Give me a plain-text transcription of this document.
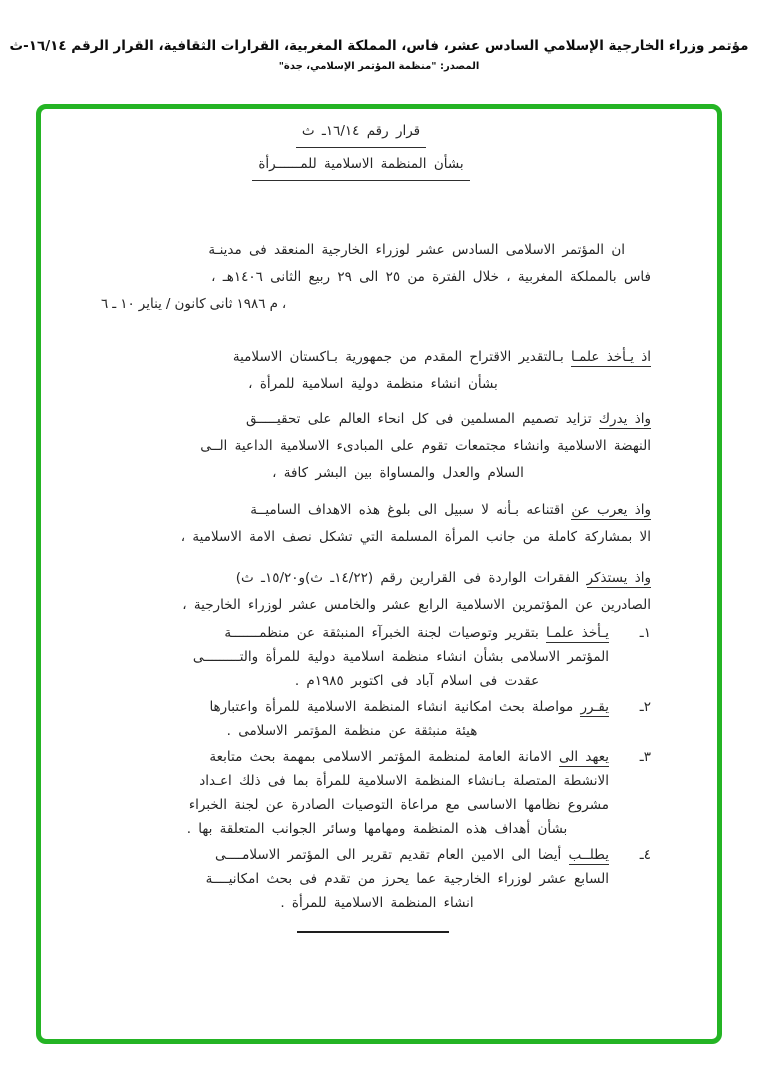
مؤتمر وزراء الخارجية الإسلامي السادس عشر، فاس، المملكة المغربية، القرارات الثقافية، القرار الرقم ١٦/١٤-ث
المصدر: "منظمة المؤتمر الإسلامي، جدة"
قرار رقم ١٦/١٤ـ ث
بشأن المنظمة الاسلامية للمــــــرأة
ان المؤتمر الاسلامى السادس عشر لوزراء الخارجية المنعقد فى مدينـة
فاس بالمملكة المغربية ، خلال الفترة من ٢٥ الى ٢٩ ربيع الثانى ١٤٠٦هـ ،
٦ ـ ١٠ يناير / كانون ثانى ١٩٨٦ م ،
اذ يـأخذ علمـا بـالتقدير الاقتراح المقدم من جمهورية بـاكستان الاسلامية
بشأن انشاء منظمة دولية اسلامية للمرأة ،
واذ يدرك تزايد تصميم المسلمين فى كل انحاء العالم على تحقيـــــق
النهضة الاسلامية وانشاء مجتمعات تقوم على المبادىء الاسلامية الداعية الــى
السلام والعدل والمساواة بين البشر كافة ،
واذ يعرب عن اقتناعه بـأنه لا سبيل الى بلوغ هذه الاهداف الساميــة
الا بمشاركة كاملة من جانب المرأة المسلمة التي تشكل نصف الامة الاسلامية ،
واذ يستذكر الفقرات الواردة فى القرارين رقم (١٤/٢٢ـ ث)و١٥/٢٠ـ ث)
الصادرين عن المؤتمرين الاسلامية الرابع عشر والخامس عشر لوزراء الخارجية ،
١ـ
يـأخذ علمـا بتقرير وتوصيات لجنة الخبرآء المنبثقة عن منظمـــــــة
المؤتمر الاسلامى بشأن انشاء منظمة اسلامية دولية للمرأة والتـــــــــى
عقدت فى اسلام آباد فى اكتوبر ١٩٨٥م .
٢ـ
يقـرر مواصلة بحث امكانية انشاء المنظمة الاسلامية للمرأة واعتبارها
هيئة منبثقة عن منظمة المؤتمر الاسلامى .
٣ـ
يعهد الى الامانة العامة لمنظمة المؤتمر الاسلامى بمهمة بحث متابعة
الانشطة المتصلة بـانشاء المنظمة الاسلامية للمرأة بما فى ذلك اعـداد
مشروع نظامها الاساسى مع مراعاة التوصيات الصادرة عن لجنة الخبراء
بشأن أهداف هذه المنظمة ومهامها وسائر الجوانب المتعلقة بها .
٤ـ
يطلــب أيضا الى الامين العام تقديم تقرير الى المؤتمر الاسلامــــى
السابع عشر لوزراء الخارجية عما يحرز من تقدم فى بحث امكانيــــة
انشاء المنظمة الاسلامية للمرأة .
